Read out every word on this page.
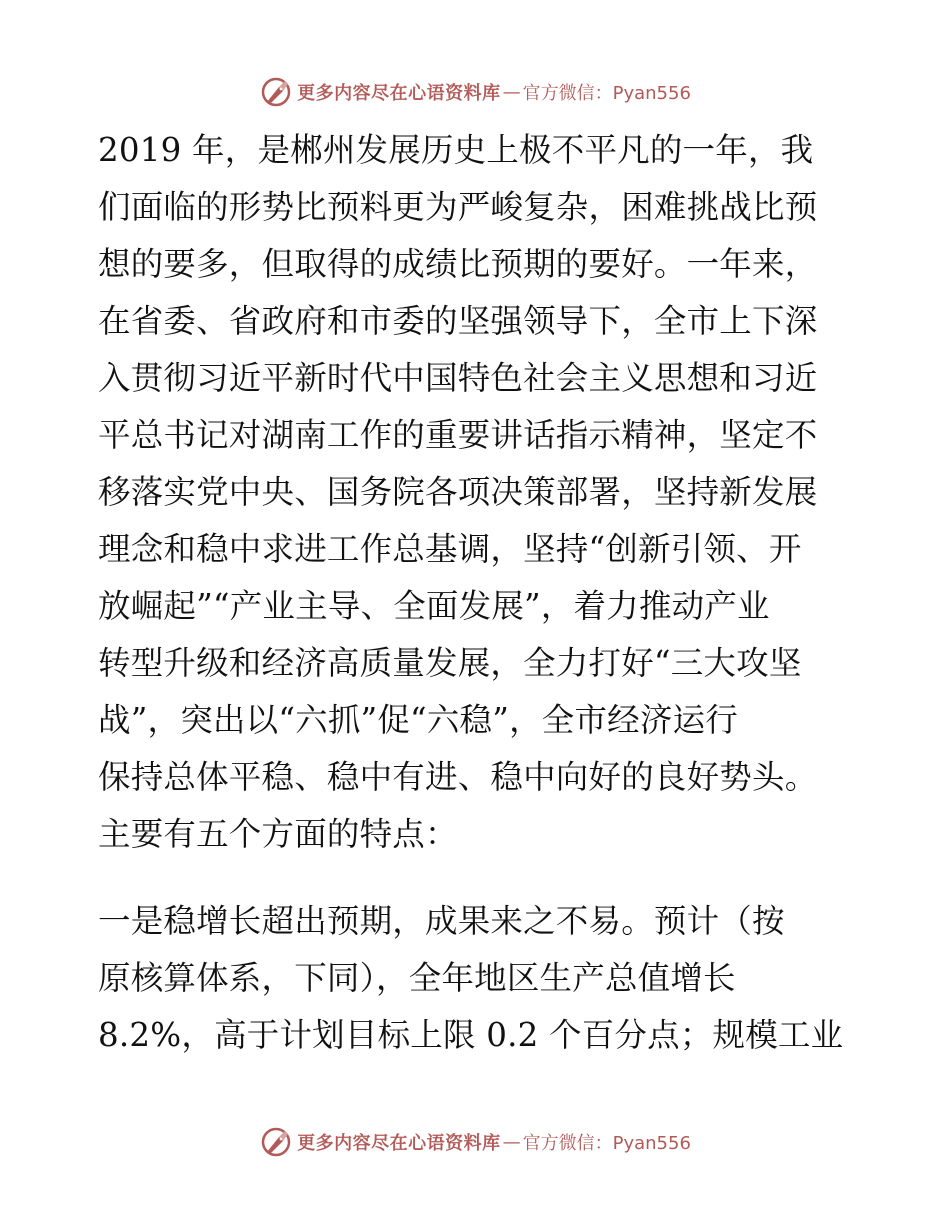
更多内容尽在心语资料库 — 官方微信：Pyan556
2019 年，是郴州发展历史上极不平凡的一年，我
们面临的形势比预料更为严峻复杂，困难挑战比预
想的要多，但取得的成绩比预期的要好。一年来，
在省委、省政府和市委的坚强领导下，全市上下深
入贯彻习近平新时代中国特色社会主义思想和习近
平总书记对湖南工作的重要讲话指示精神，坚定不
移落实党中央、国务院各项决策部署，坚持新发展
理念和稳中求进工作总基调，坚持“创新引领、开
放崛起”“产业主导、全面发展”，着力推动产业
转型升级和经济高质量发展，全力打好“三大攻坚
战”，突出以“六抓”促“六稳”，全市经济运行
保持总体平稳、稳中有进、稳中向好的良好势头。
主要有五个方面的特点：
一是稳增长超出预期，成果来之不易。预计（按
原核算体系，下同），全年地区生产总值增长
8.2%，高于计划目标上限 0.2 个百分点；规模工业
更多内容尽在心语资料库 — 官方微信：Pyan556
